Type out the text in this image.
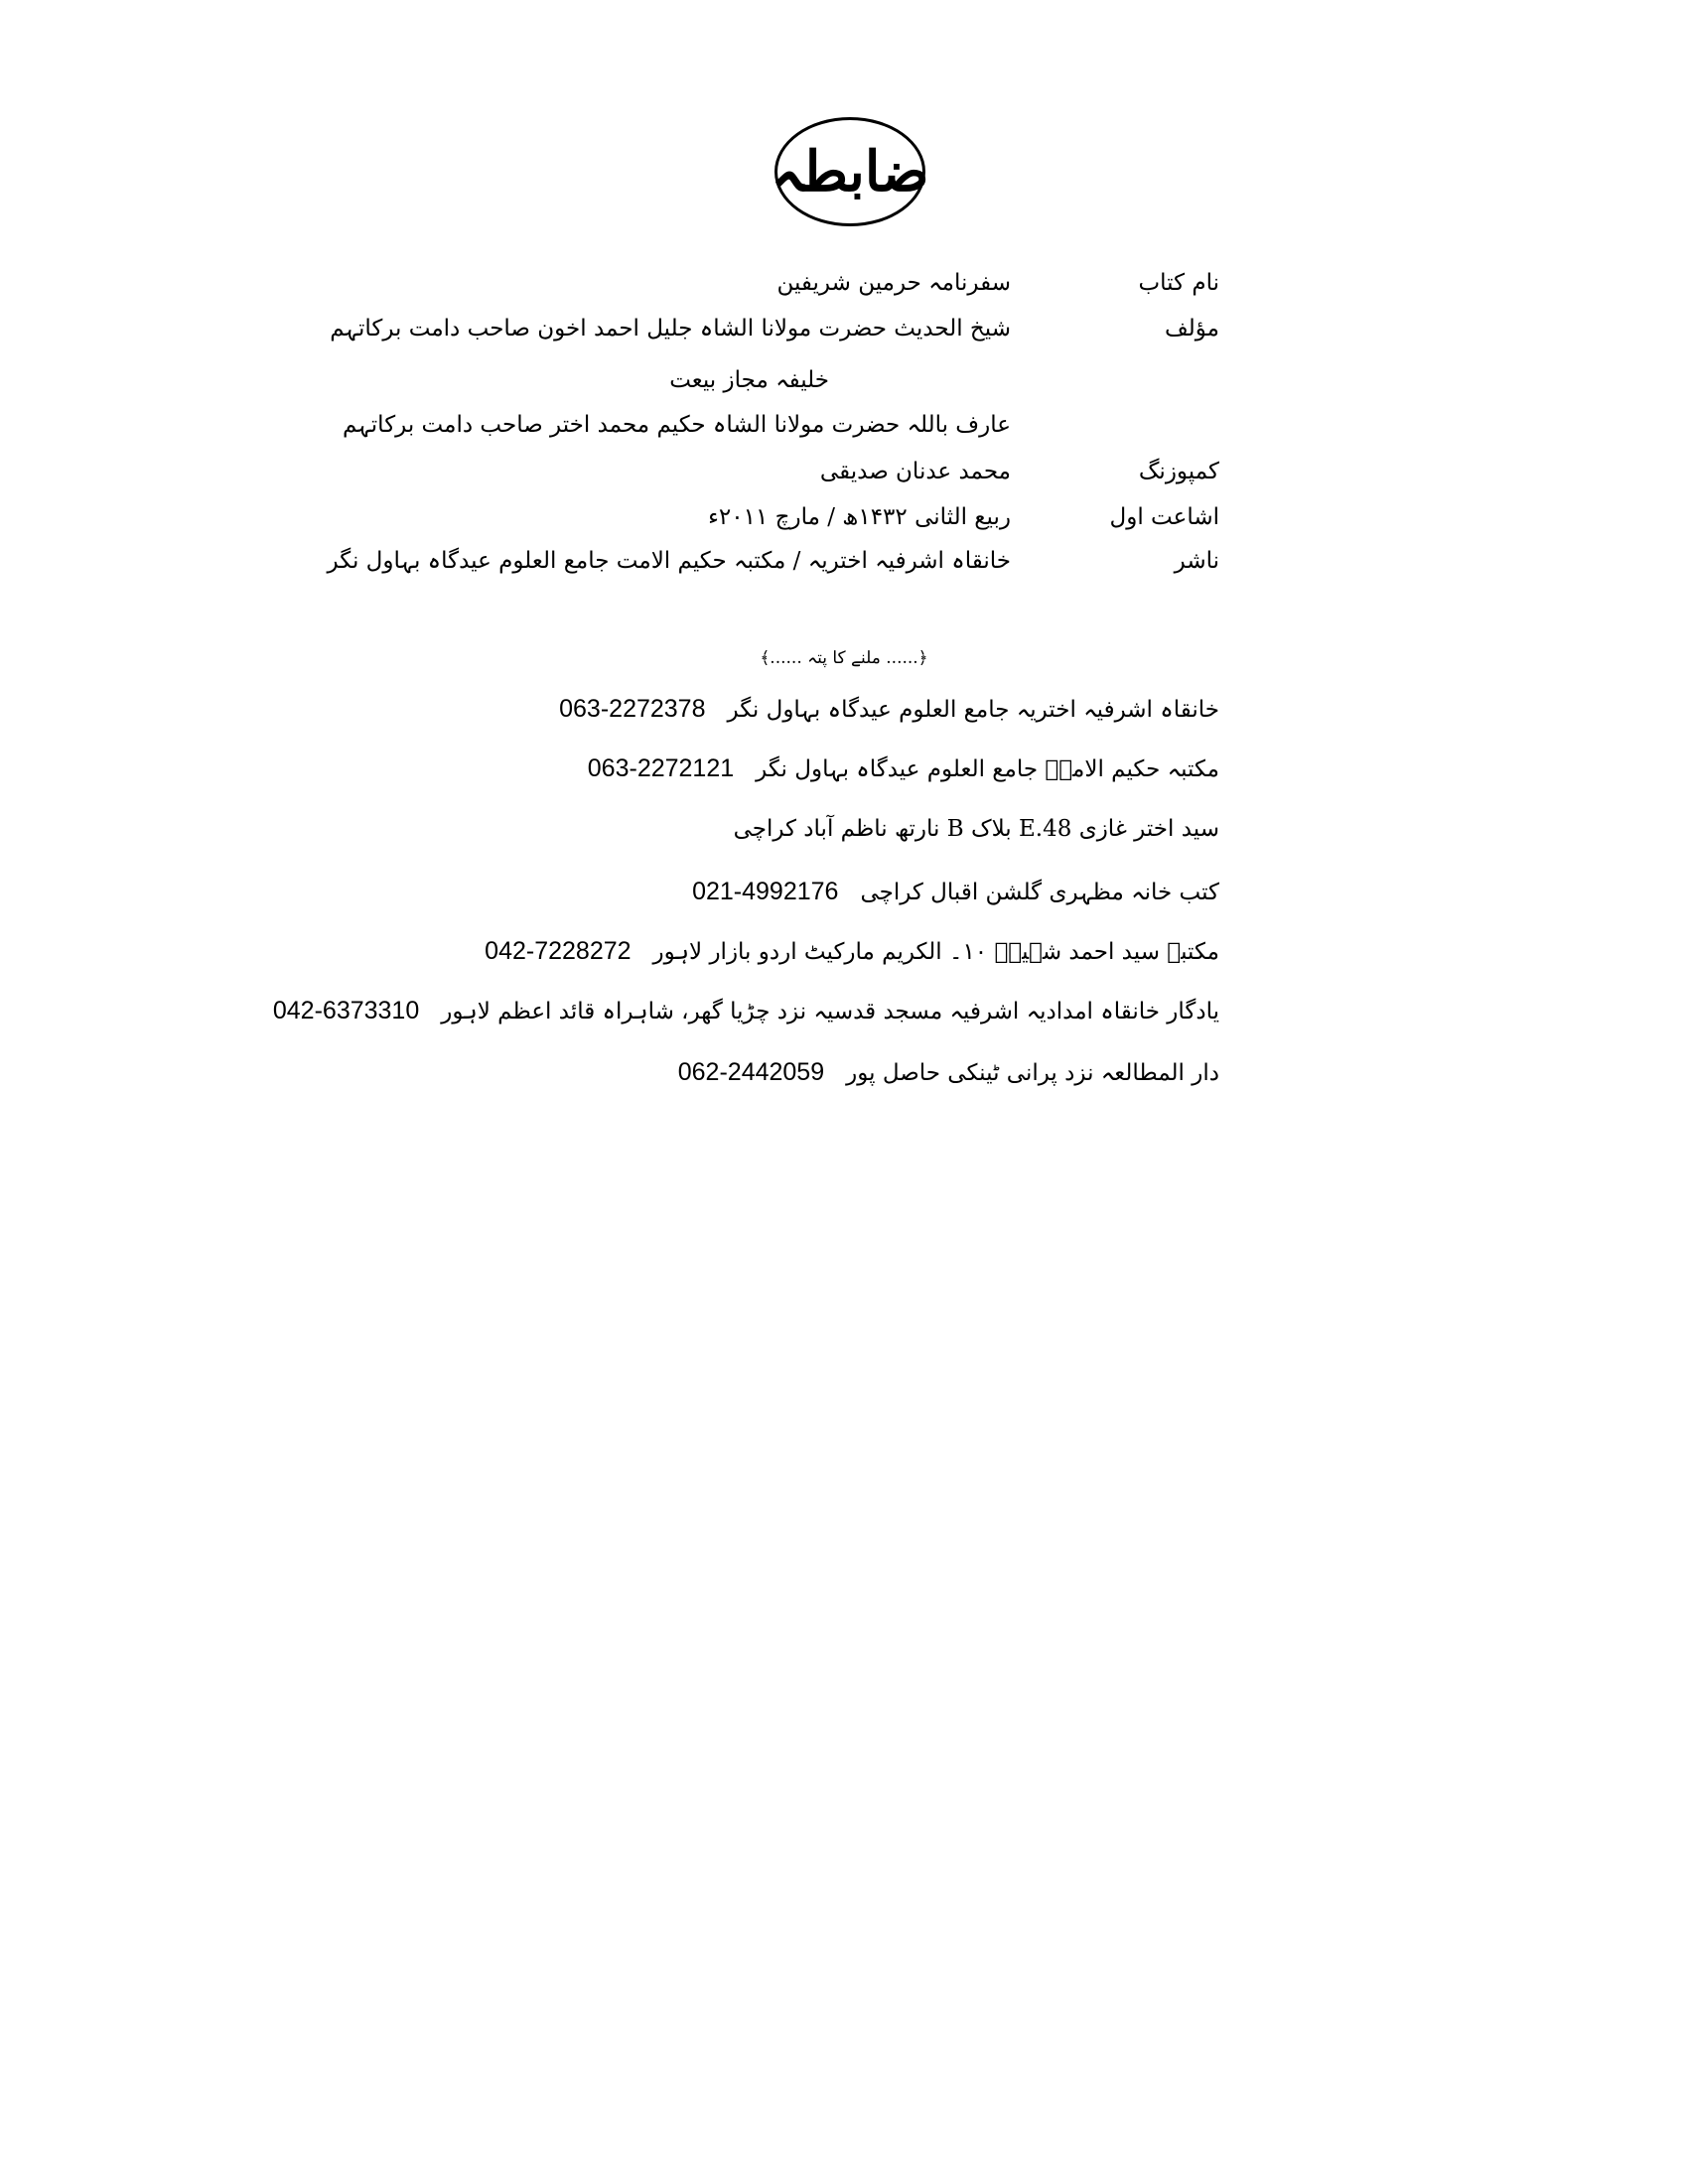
ضابطہ
نام کتاب
سفرنامہ حرمین شریفین
مؤلف
شیخ الحدیث حضرت مولانا الشاہ جلیل احمد اخون صاحب دامت برکاتہم
خلیفہ مجاز بیعت
عارف باللہ حضرت مولانا الشاہ حکیم محمد اختر صاحب دامت برکاتہم
کمپوزنگ
محمد عدنان صدیقی
اشاعت اول
ربیع الثانی ۱۴۳۲ھ / مارچ ۲۰۱۱ء
ناشر
خانقاہ اشرفیہ اختریہ / مکتبہ حکیم الامت جامع العلوم عیدگاہ بہاول نگر
﴿...... ملنے کا پتہ ......﴾
خانقاہ اشرفیہ اختریہ جامع العلوم عیدگاہ بہاول نگر
063-2272378
مکتبہ حکیم الامتؒ جامع العلوم عیدگاہ بہاول نگر
063-2272121
سید اختر غازی E.48 بلاک B نارتھ ناظم آباد کراچی
کتب خانہ مظہری گلشن اقبال کراچی
021-4992176
مکتبہ سید احمد شہیدؒ ۱۰۔ الکریم مارکیٹ اردو بازار لاہور
042-7228272
یادگار خانقاہ امدادیہ اشرفیہ مسجد قدسیہ نزد چڑیا گھر، شاہراہ قائد اعظم لاہور
042-6373310
دار المطالعہ نزد پرانی ٹینکی حاصل پور
062-2442059
